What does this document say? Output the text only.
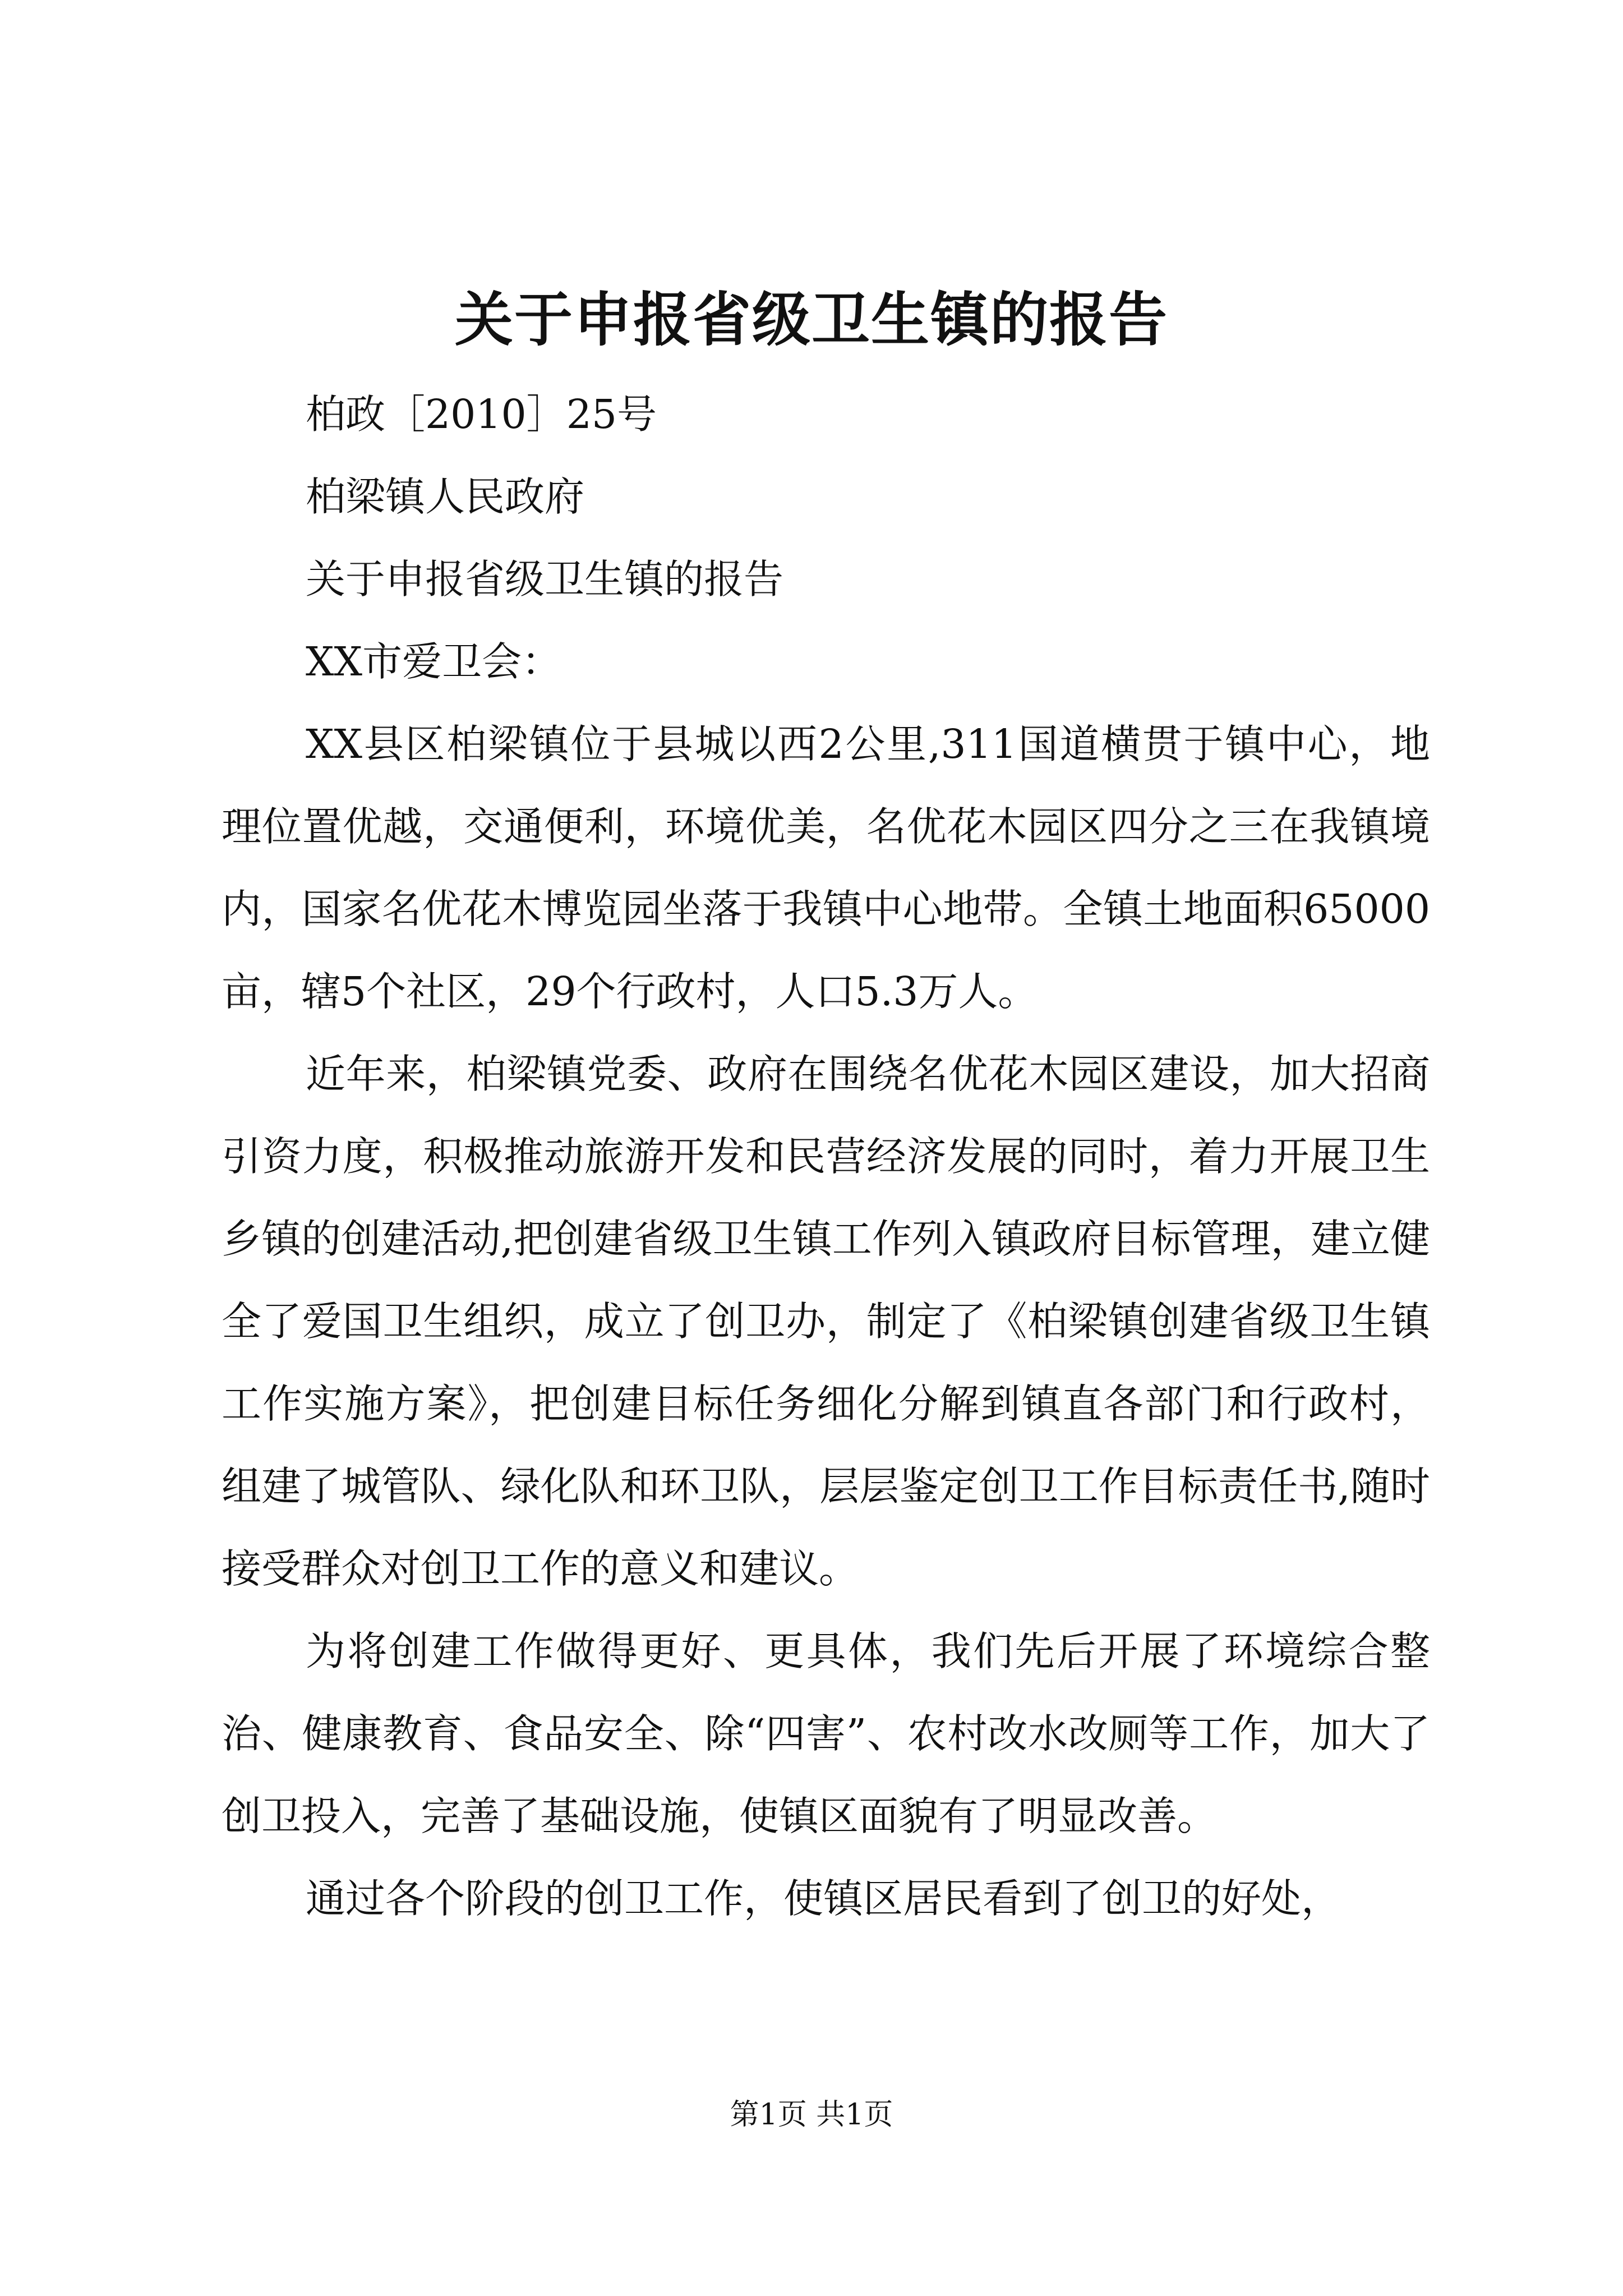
关于申报省级卫生镇的报告

柏政［2010］25号

柏梁镇人民政府

关于申报省级卫生镇的报告

XX市爱卫会：

XX县区柏梁镇位于县城以西2公里,311国道横贯于镇中心，地理位置优越，交通便利，环境优美，名优花木园区四分之三在我镇境内，国家名优花木博览园坐落于我镇中心地带。全镇土地面积65000亩，辖5个社区，29个行政村，人口5.3万人。

近年来，柏梁镇党委、政府在围绕名优花木园区建设，加大招商引资力度，积极推动旅游开发和民营经济发展的同时，着力开展卫生乡镇的创建活动,把创建省级卫生镇工作列入镇政府目标管理，建立健全了爱国卫生组织，成立了创卫办，制定了《柏梁镇创建省级卫生镇工作实施方案》，把创建目标任务细化分解到镇直各部门和行政村，组建了城管队、绿化队和环卫队，层层鉴定创卫工作目标责任书,随时接受群众对创卫工作的意义和建议。

为将创建工作做得更好、更具体，我们先后开展了环境综合整治、健康教育、食品安全、除“四害”、农村改水改厕等工作，加大了创卫投入，完善了基础设施，使镇区面貌有了明显改善。

通过各个阶段的创卫工作，使镇区居民看到了创卫的好处，

第1页 共1页
